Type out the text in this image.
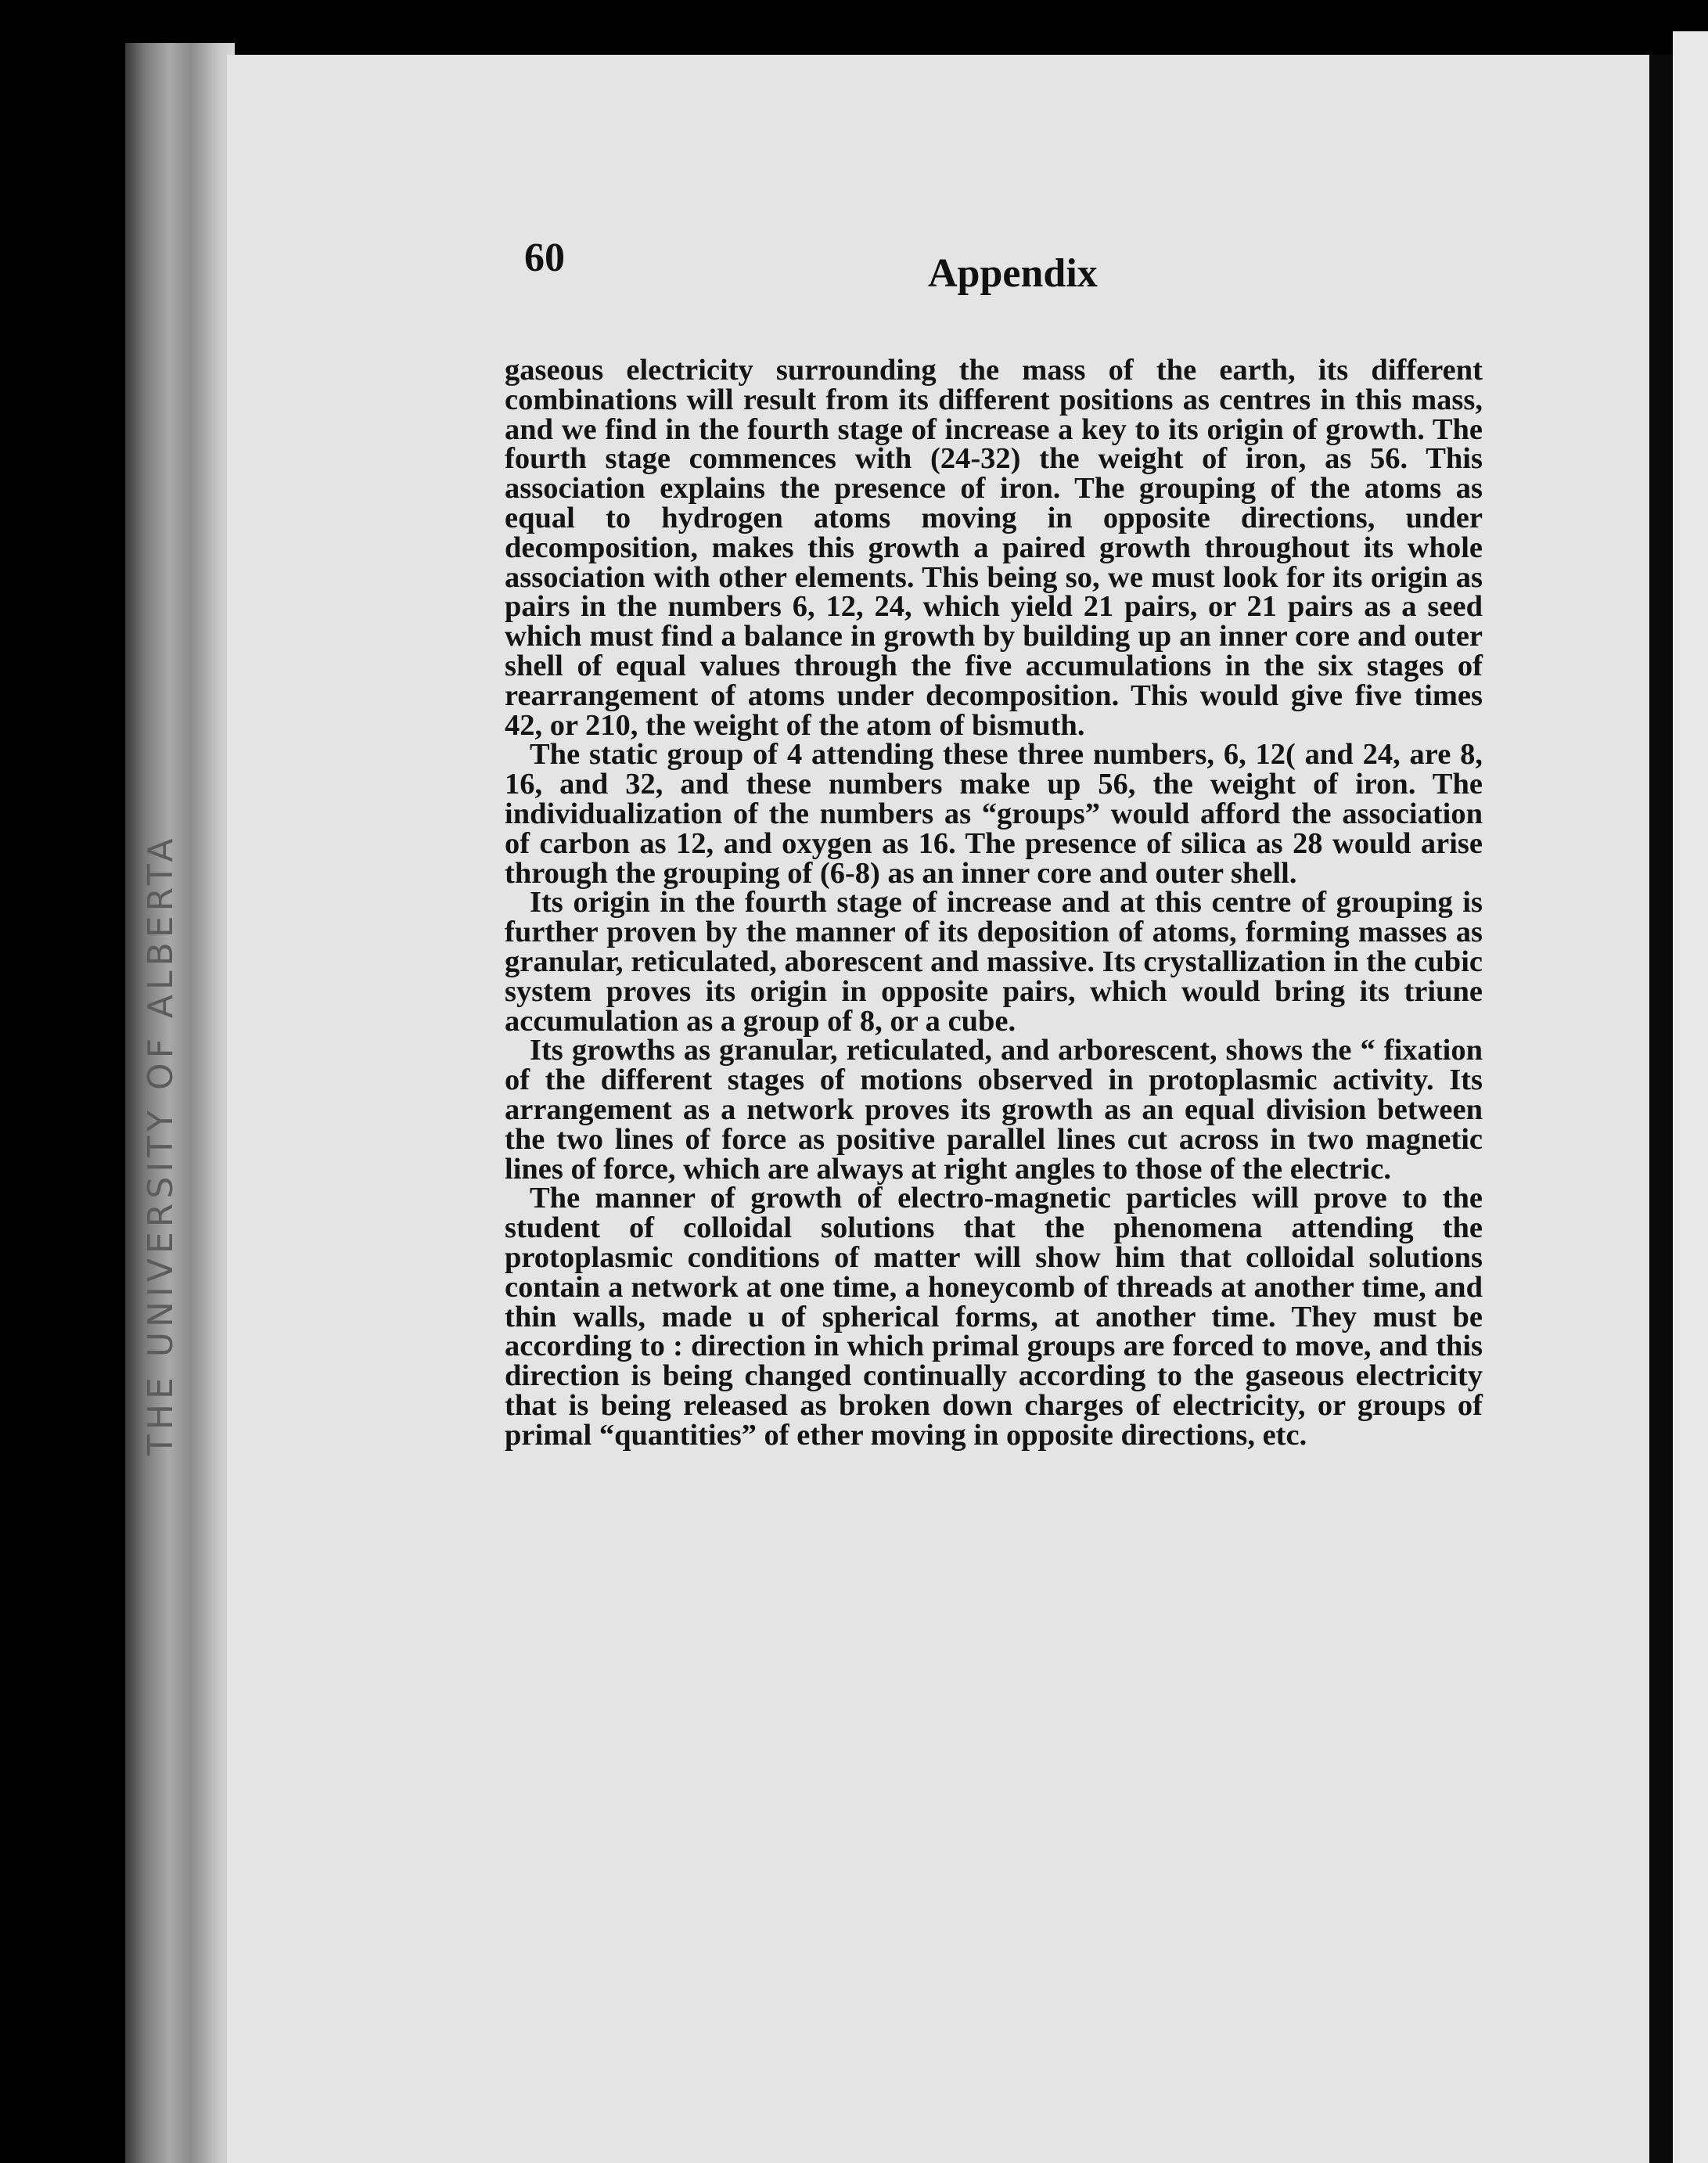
THE UNIVERSITY OF ALBERTA
60	Appendix

gaseous electricity surrounding the mass of the earth, its different combinations will result from its different positions as centres in this mass, and we find in the fourth stage of increase a key to its origin of growth. The fourth stage commences with (24-32) the weight of iron, as 56. This association explains the presence of iron. The grouping of the atoms as equal to hydrogen atoms moving in opposite directions, under decomposition, makes this growth a paired growth throughout its whole association with other elements. This being so, we must look for its origin as pairs in the numbers 6, 12, 24, which yield 21 pairs, or 21 pairs as a seed which must find a balance in growth by building up an inner core and outer shell of equal values through the five accumulations in the six stages of rearrangement of atoms under decomposition. This would give five times 42, or 210, the weight of the atom of bismuth.

The static group of 4 attending these three numbers, 6, 12( and 24, are 8, 16, and 32, and these numbers make up 56, the weight of iron. The individualization of the numbers as “groups” would afford the association of carbon as 12, and oxygen as 16. The presence of silica as 28 would arise through the grouping of (6-8) as an inner core and outer shell.

Its origin in the fourth stage of increase and at this centre of grouping is further proven by the manner of its deposition of atoms, forming masses as granular, reticulated, aborescent and massive. Its crystallization in the cubic system proves its origin in opposite pairs, which would bring its triune accumulation as a group of 8, or a cube.

Its growths as granular, reticulated, and arborescent, shows the “ fixation of the different stages of motions observed in protoplasmic activity. Its arrangement as a network proves its growth as an equal division between the two lines of force as positive parallel lines cut across in two magnetic lines of force, which are always at right angles to those of the electric.

The manner of growth of electro-magnetic particles will prove to the student of colloidal solutions that the phenomena attending the protoplasmic conditions of matter will show him that colloidal solutions contain a network at one time, a honeycomb of threads at another time, and thin walls, made u of spherical forms, at another time. They must be according to : direction in which primal groups are forced to move, and this direction is being changed continually according to the gaseous electricity that is being released as broken down charges of electricity, or groups of primal “quantities” of ether moving in opposite directions, etc.
